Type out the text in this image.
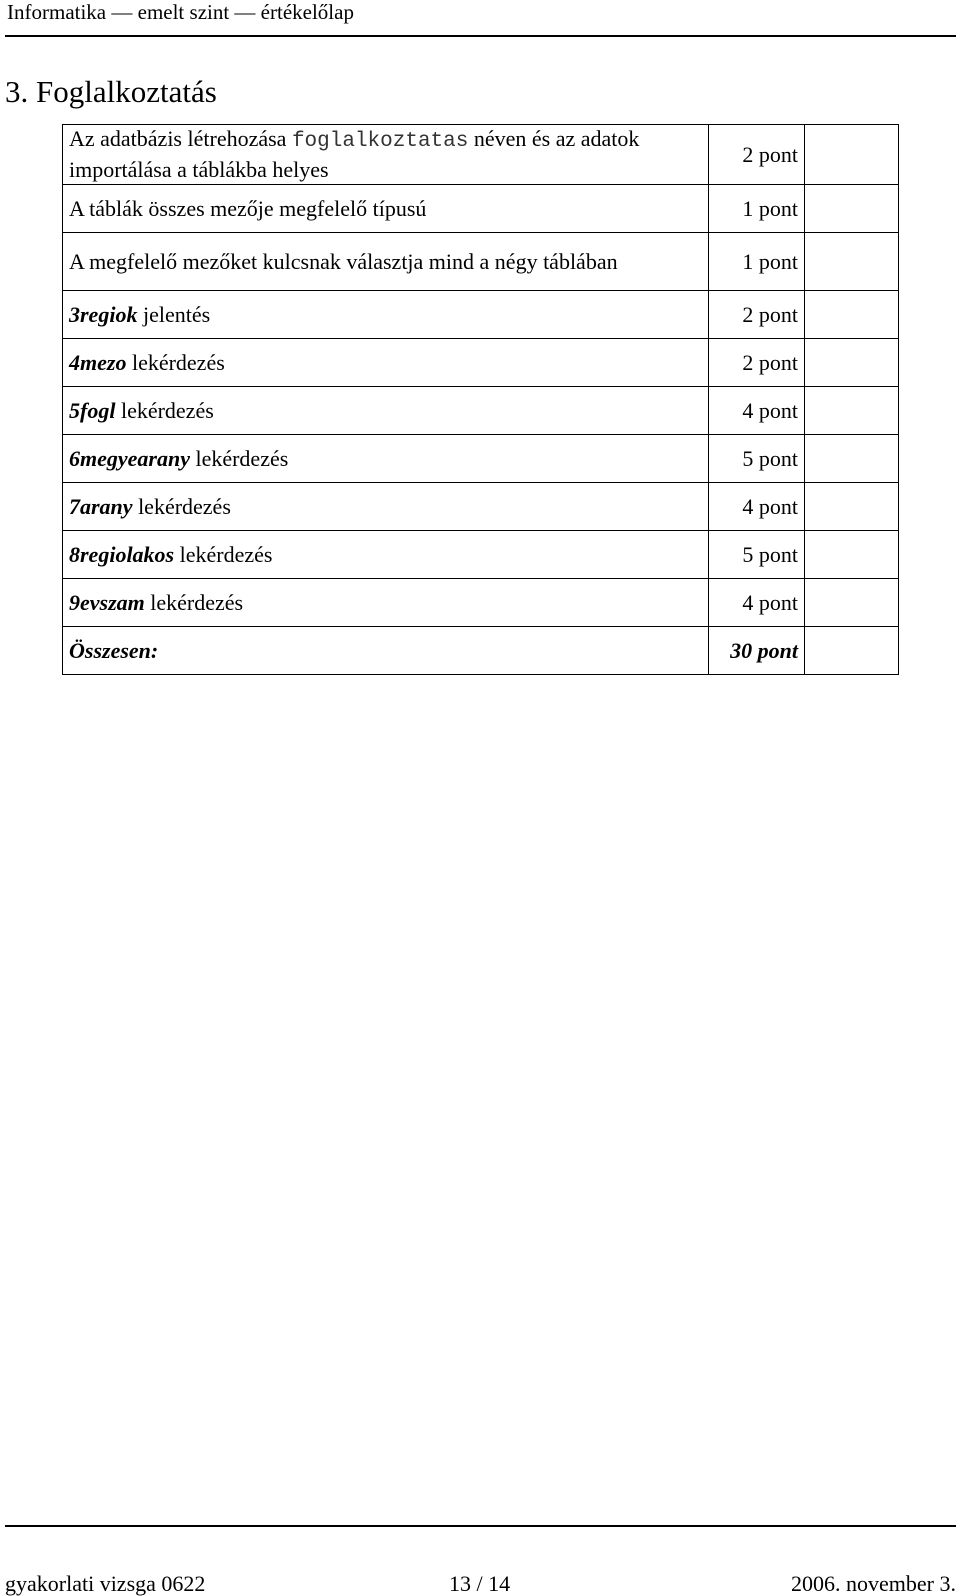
Informatika — emelt szint — értékelőlap
3. Foglalkoztatás
Az adatbázis létrehozása foglalkoztatas néven és az adatok importálása a táblákba helyes	2 pont	
A táblák összes mezője megfelelő típusú	1 pont	
A megfelelő mezőket kulcsnak választja mind a négy táblában	1 pont	
3regiok jelentés	2 pont	
4mezo lekérdezés	2 pont	
5fogl lekérdezés	4 pont	
6megyearany lekérdezés	5 pont	
7arany lekérdezés	4 pont	
8regiolakos lekérdezés	5 pont	
9evszam lekérdezés	4 pont	
Összesen:	30 pont	
gyakorlati vizsga 0622	13 / 14	2006. november 3.
